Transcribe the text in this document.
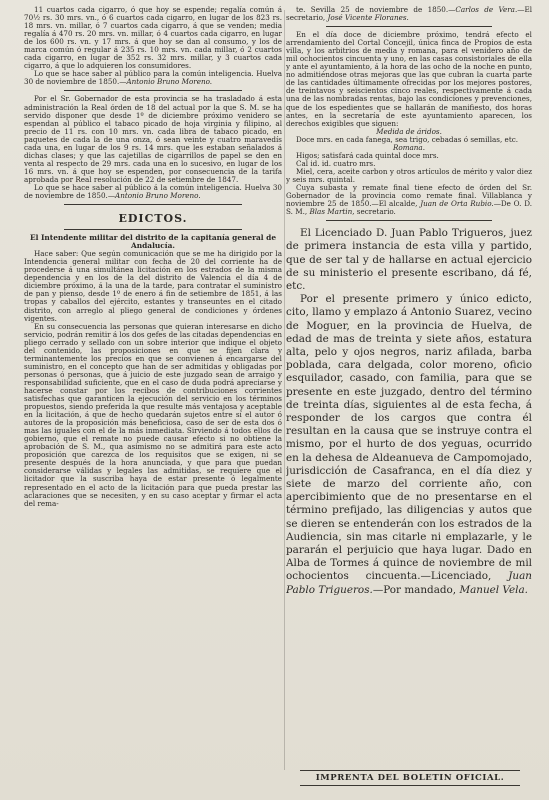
11 cuartos cada cigarro, ó que hoy se espende; regalía común á 70½ rs. 30 mrs. vn., ó 6 cuartos cada cigarro, en lugar de los 823 rs. 18 mrs. vn. millar, ó 7 cuartos cada cigarro, á que se venden; media regalía á 470 rs. 20 mrs. vn. millar, ó 4 cuartos cada cigarro, en lugar de los 600 rs. vn. y 17 mrs. á que hoy se dan al consumo, y los de marca común ó regular á 235 rs. 10 mrs. vn. cada millar, ó 2 cuartos cada cigarro, en lugar de 352 rs. 32 mrs. millar, y 3 cuartos cada cigarro, á que lo adquieren los consumidores.

Lo que se hace saber al público para la común inteligencia. Huelva 30 de noviembre de 1850.—Antonio Bruno Moreno.

Por el Sr. Gobernador de esta provincia se ha trasladado á esta administración la Real órden de 18 del actual por la que S. M. se ha servido disponer que desde 1º de diciembre próximo venidero se espendan al público el tabaco picado de hoja virginia y filipino, al precio de 11 rs. con 10 mrs. vn. cada libra de tabaco picado, en paquetes de cada la de una onza, ó sean veinte y cuatro maravedís cada una, en lugar de los 9 rs. 14 mrs. que les estaban señalados á dichas clases; y que las cajetillas de cigarrillos de papel se den en venta al respecto de 29 mrs. cada una en lo sucesivo, en lugar de los 16 mrs. vn. á que hoy se espenden, por consecuencia de la tarifa aprobada por Real resolución de 22 de setiembre de 1847.

Lo que se hace saber al público á la común inteligencia. Huelva 30 de noviembre de 1850.—Antonio Bruno Moreno.

EDICTOS.

El Intendente militar del distrito de la capitanía general de Andalucía.

Hace saber: Que según comunicación que se me ha dirigido por la Intendencia general militar con fecha de 20 del corriente ha de procederse á una simultánea licitación en los estrados de la misma dependencia y en los de la del distrito de Valencia el día 4 de diciembre próximo, á la una de la tarde, para contratar el suministro de pan y pienso, desde 1º de enero á fin de setiembre de 1851, á las tropas y caballos del ejército, estantes y transeuntes en el citado distrito, con arreglo al pliego general de condiciones y órdenes vigentes.

En su consecuencia las personas que quieran interesarse en dicho servicio, podrán remitir á los dos gefes de las citadas dependencias en pliego cerrado y sellado con un sobre interior que indique el objeto del contenido, las proposiciones en que se fijen clara y terminantemente los precios en que se convienen á encargarse del suministro, en el concepto que han de ser admitidas y obligadas por personas ó personas, que á juicio de este juzgado sean de arraigo y responsabilidad suficiente, que en el caso de duda podrá apreciarse y hacerse constar por los recibos de contribuciones corrientes satisfechas que garanticen la ejecución del servicio en los términos propuestos, siendo preferida la que resulte más ventajosa y aceptable en la licitación, á que de hecho quedarán sujetos entre sí el autor ó autores de la proposición más beneficiosa, caso de ser de esta dos ó mas las iguales con el de la más inmediata. Sirviendo á todos ellos de gobierno, que el remate no puede causar efecto si no obtiene la aprobación de S. M., qua asimismo no se admitirá para este acto proposición que carezca de los requisitos que se exigen, ni se presente después de la hora anunciada, y que para que puedan considerarse válidas y legales las admitidas, se requiere que el licitador que la suscriba haya de estar presente ó legalmente representado en el acto de la licitación para que pueda prestar las aclaraciones que se necesiten, y en su caso aceptar y firmar el acta del rema-

te. Sevilla 25 de noviembre de 1850.—Carlos de Vera.—El secretario, José Vicente Floranes.

En el día doce de diciembre próximo, tendrá efecto el arrendamiento del Cortal Concejil, única finca de Propios de esta villa, y los arbitrios de media y romana, para el venidero año de mil ochocientos cincuenta y uno, en las casas consistoriales de ella y ante el ayuntamiento, á la hora de las ocho de la noche en punto, no admitiéndose otras mejoras que las que cubran la cuarta parte de las cantidades últimamente ofrecidas por los mejores postores, de treintavos y seiscientos cinco reales, respectivamente á cada una de las nombradas rentas, bajo las condiciones y prevenciones, que de los espedientes que se hallarán de manifiesto, dos horas antes, en la secretaría de este ayuntamiento aparecen, los derechos exigibles que siguen:

Medida de áridos.

Doce mrs. en cada fanega, sea trigo, cebadas ó semillas, etc.

Romana.

Higos; satisfará cada quintal doce mrs.

Cal id. id. cuatro mrs.

Miel, cera, aceite carbon y otros artículos de mérito y valor diez y seis mrs. quintal.

Cuya subasta y remate final tiene efecto de órden del Sr. Gobernador de la provincia como remate final. Villablanca y noviembre 25 de 1850.—El alcalde, Juan de Orta Rubio.—De O. D. S. M., Blas Martin, secretario.

El Licenciado D. Juan Pablo Trigueros, juez de primera instancia de esta villa y partido, que de ser tal y de hallarse en actual ejercicio de su ministerio el presente escribano, dá fé, etc.

Por el presente primero y único edicto, cito, llamo y emplazo á Antonio Suarez, vecino de Moguer, en la provincia de Huelva, de edad de mas de treinta y siete años, estatura alta, pelo y ojos negros, nariz afilada, barba poblada, cara delgada, color moreno, oficio esquilador, casado, con familia, para que se presente en este juzgado, dentro del término de treinta días, siguientes al de esta fecha, á responder de los cargos que contra él resultan en la causa que se instruye contra el mismo, por el hurto de dos yeguas, ocurrido en la dehesa de Aldeanueva de Campomojado, jurisdicción de Casafranca, en el día diez y siete de marzo del corriente año, con apercibimiento que de no presentarse en el término prefijado, las diligencias y autos que se dieren se entenderán con los estrados de la Audiencia, sin mas citarle ni emplazarle, y le pararán el perjuicio que haya lugar. Dado en Alba de Tormes á quince de noviembre de mil ochocientos cincuenta.—Licenciado, Juan Pablo Trigueros.—Por mandado, Manuel Vela.

IMPRENTA DEL BOLETIN OFICIAL.
